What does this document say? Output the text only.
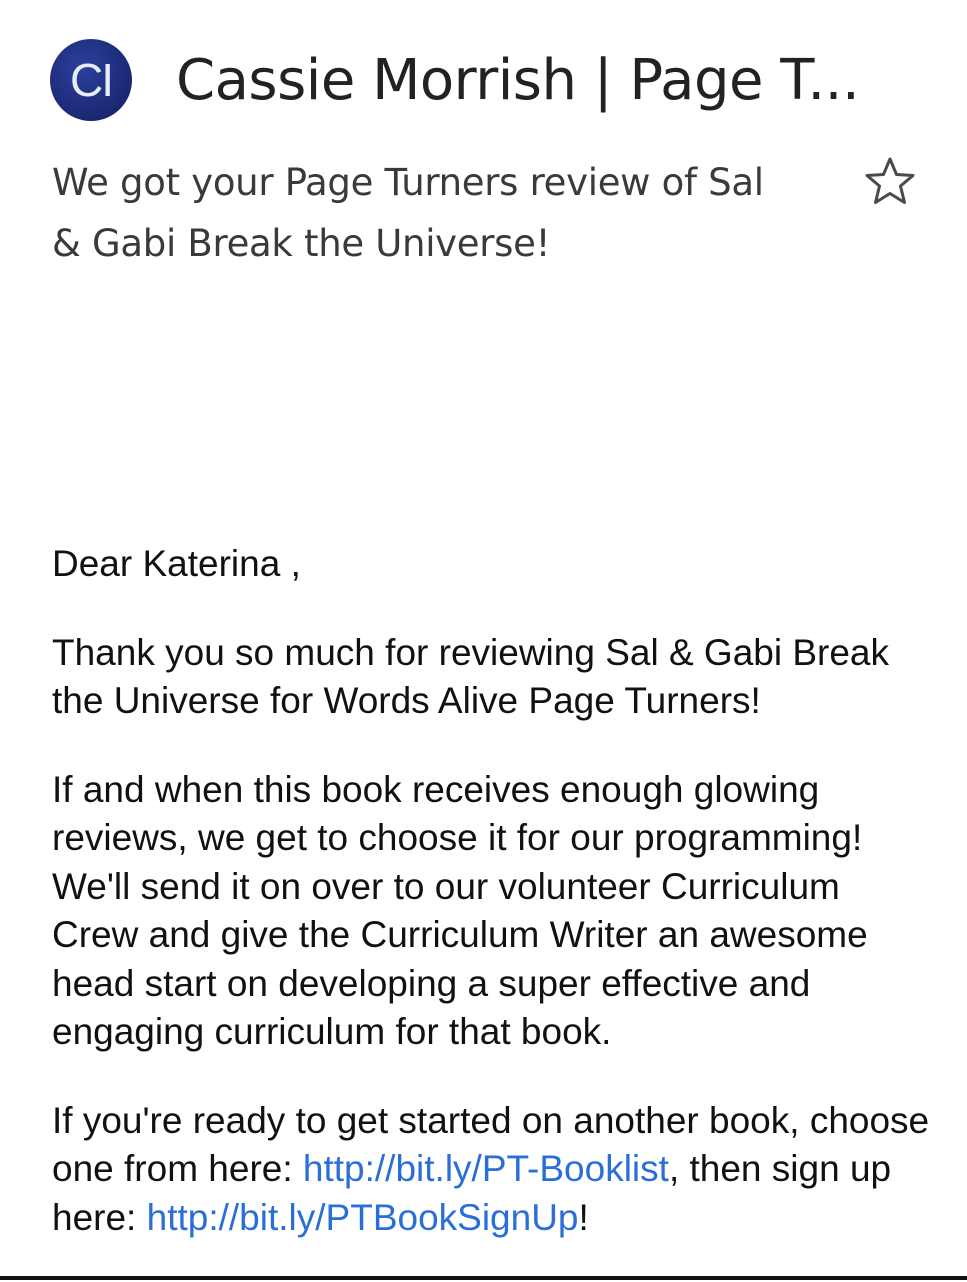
CI Cassie Morrish | Page T...
We got your Page Turners review of Sal
& Gabi Break the Universe!

Dear Katerina ,

Thank you so much for reviewing Sal & Gabi Break the Universe for Words Alive Page Turners!

If and when this book receives enough glowing reviews, we get to choose it for our programming! We'll send it on over to our volunteer Curriculum Crew and give the Curriculum Writer an awesome head start on developing a super effective and engaging curriculum for that book.

If you're ready to get started on another book, choose one from here: http://bit.ly/PT-Booklist, then sign up here: http://bit.ly/PTBookSignUp!
